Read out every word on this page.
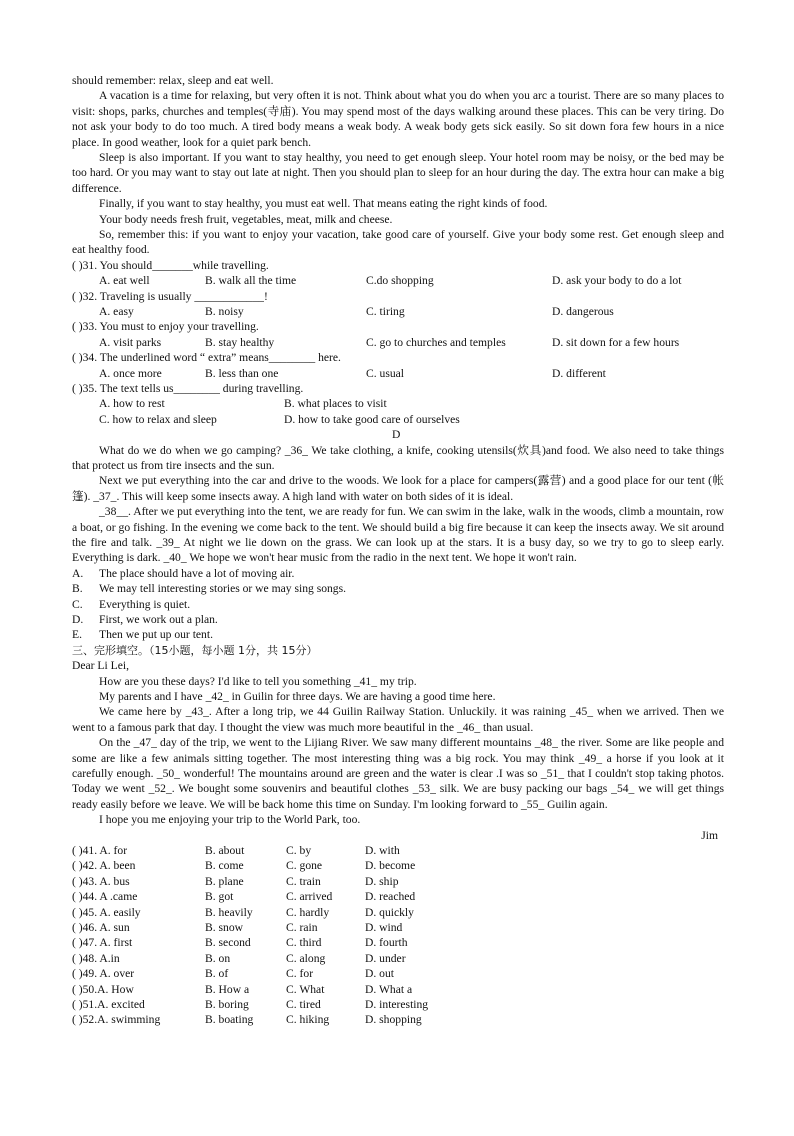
should remember: relax, sleep and eat well.

A vacation is a time for relaxing, but very often it is not. Think about what you do when you arc a tourist. There are so many places to visit: shops, parks, churches and temples(寺庙). You may spend most of the days walking around these places. This can be very tiring. Do not ask your body to do too much. A tired body means a weak body. A weak body gets sick easily. So sit down fora few hours in a nice place. In good weather, look for a quiet park bench.

Sleep is also important. If you want to stay healthy, you need to get enough sleep. Your hotel room may be noisy, or the bed may be too hard. Or you may want to stay out late at night. Then you should plan to sleep for an hour during the day. The extra hour can make a big difference.

Finally, if you want to stay healthy, you must eat well. That means eating the right kinds of food.

Your body needs fresh fruit, vegetables, meat, milk and cheese.

So, remember this: if you want to enjoy your vacation, take good care of yourself. Give your body some rest. Get enough sleep and eat healthy food.

( )31. You should_______while travelling.
A. eat well	B. walk all the time	C.do shopping	D. ask your body to do a lot
( )32. Traveling is usually ____________!
A. easy	B. noisy	C. tiring	D. dangerous
( )33. You must to enjoy your travelling.
A. visit parks	B. stay healthy	C. go to churches and temples	D. sit down for a few hours
( )34. The underlined word “ extra” means________ here.
A. once more	B. less than one	C. usual	D. different
( )35. The text tells us________ during travelling.
A. how to rest	B. what places to visit
C. how to relax and sleep	D. how to take good care of ourselves
D

What do we do when we go camping? _36_ We take clothing, a knife, cooking utensils(炊具)and food. We also need to take things that protect us from tire insects and the sun.

Next we put everything into the car and drive to the woods. We look for a place for campers(露营) and a good place for our tent (帐篷). _37_. This will keep some insects away. A high land with water on both sides of it is ideal.

_38__. After we put everything into the tent, we are ready for fun. We can swim in the lake, walk in the woods, climb a mountain, row a boat, or go fishing. In the evening we come back to the tent. We should build a big fire because it can keep the insects away. We sit around the fire and talk. _39_ At night we lie down on the grass. We can look up at the stars. It is a busy day, so we try to go to sleep early. Everything is dark. _40_ We hope we won't hear music from the radio in the next tent. We hope it won't rain.

A. The place should have a lot of moving air.
B. We may tell interesting stories or we may sing songs.
C. Everything is quiet.
D. First, we work out a plan.
E. Then we put up our tent.
三、完形填空。（15小题，每小题 1分，共 15分）
Dear Li Lei,

How are you these days? I'd like to tell you something _41_ my trip.

My parents and I have _42_ in Guilin for three days. We are having a good time here.

We came here by _43_. After a long trip, we 44 Guilin Railway Station. Unluckily. it was raining _45_ when we arrived. Then we went to a famous park that day. I thought the view was much more beautiful in the _46_ than usual.

On the _47_ day of the trip, we went to the Lijiang River. We saw many different mountains _48_ the river. Some are like people and some are like a few animals sitting together. The most interesting thing was a big rock. You may think _49_ a horse if you look at it carefully enough. _50_ wonderful! The mountains around are green and the water is clear .I was so _51_ that I couldn't stop taking photos. Today we went _52_. We bought some souvenirs and beautiful clothes _53_ silk. We are busy packing our bags _54_ we will get things ready easily before we leave. We will be back home this time on Sunday. I'm looking forward to _55_ Guilin again.

I hope you me enjoying your trip to the World Park, too.

Jim
( )41. A. for	B. about	C. by	D. with
( )42. A. been	B. come	C. gone	D. become
( )43. A. bus	B. plane	C. train	D. ship
( )44. A .came	B. got	C. arrived	D. reached
( )45. A. easily	B. heavily	C. hardly	D. quickly
( )46. A. sun	B. snow	C. rain	D. wind
( )47. A. first	B. second	C. third	D. fourth
( )48. A.in	B. on	C. along	D. under
( )49. A. over	B. of	C. for	D. out
( )50.A. How	B. How a	C. What	D. What a
( )51.A. excited	B. boring	C. tired	D. interesting
( )52.A. swimming	B. boating	C. hiking	D. shopping
